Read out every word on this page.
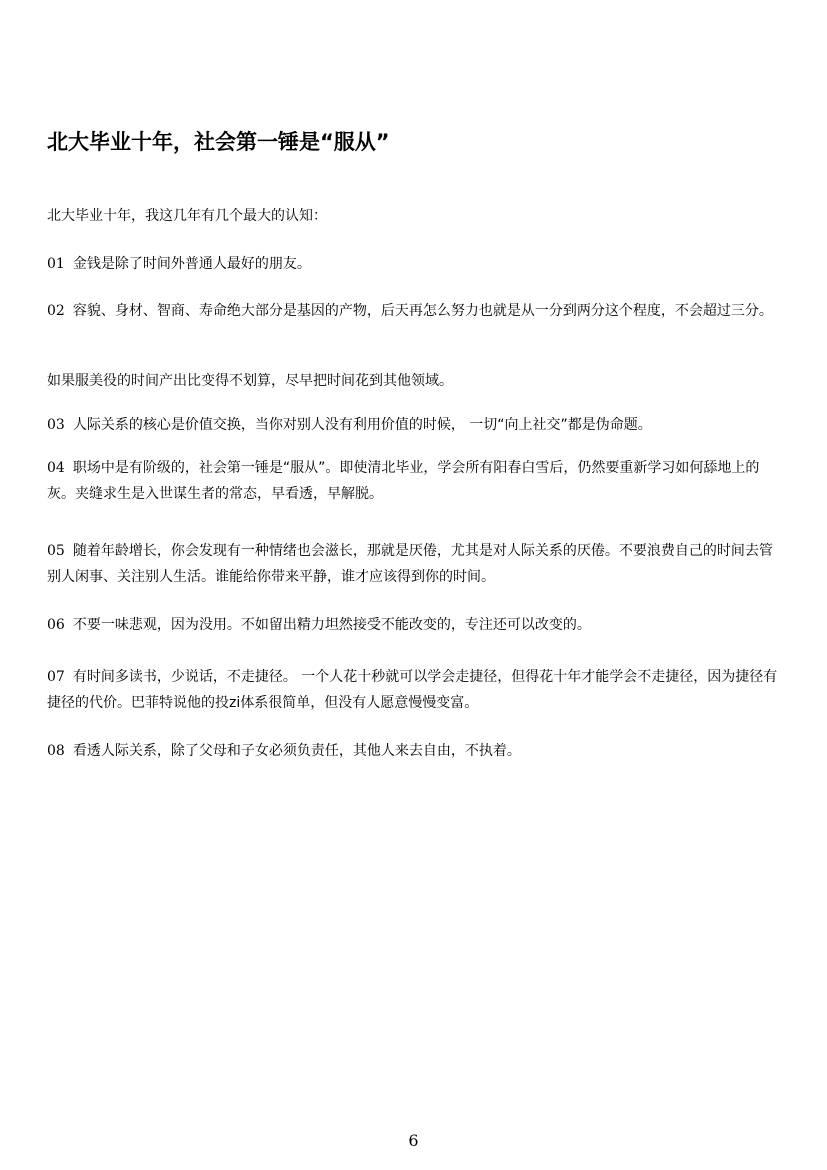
北大毕业十年，社会第一锤是“服从”

北大毕业十年，我这几年有几个最大的认知：

01 金钱是除了时间外普通人最好的朋友。

02 容貌、身材、智商、寿命绝大部分是基因的产物，后天再怎么努力也就是从一分到两分这个程度，不会超过三分。

如果服美役的时间产出比变得不划算，尽早把时间花到其他领域。

03 人际关系的核心是价值交换，当你对别人没有利用价值的时候， 一切“向上社交”都是伪命题。

04 职场中是有阶级的，社会第一锤是“服从”。即使清北毕业，学会所有阳春白雪后，仍然要重新学习如何舔地上的灰。夹缝求生是入世谋生者的常态，早看透，早解脱。

05 随着年龄增长，你会发现有一种情绪也会滋长，那就是厌倦，尤其是对人际关系的厌倦。不要浪费自己的时间去管别人闲事、关注别人生活。谁能给你带来平静，谁才应该得到你的时间。

06 不要一味悲观，因为没用。不如留出精力坦然接受不能改变的，专注还可以改变的。

07 有时间多读书，少说话，不走捷径。 一个人花十秒就可以学会走捷径，但得花十年才能学会不走捷径，因为捷径有捷径的代价。巴菲特说他的投zi体系很简单，但没有人愿意慢慢变富。

08 看透人际关系，除了父母和子女必须负责任，其他人来去自由，不执着。

6
